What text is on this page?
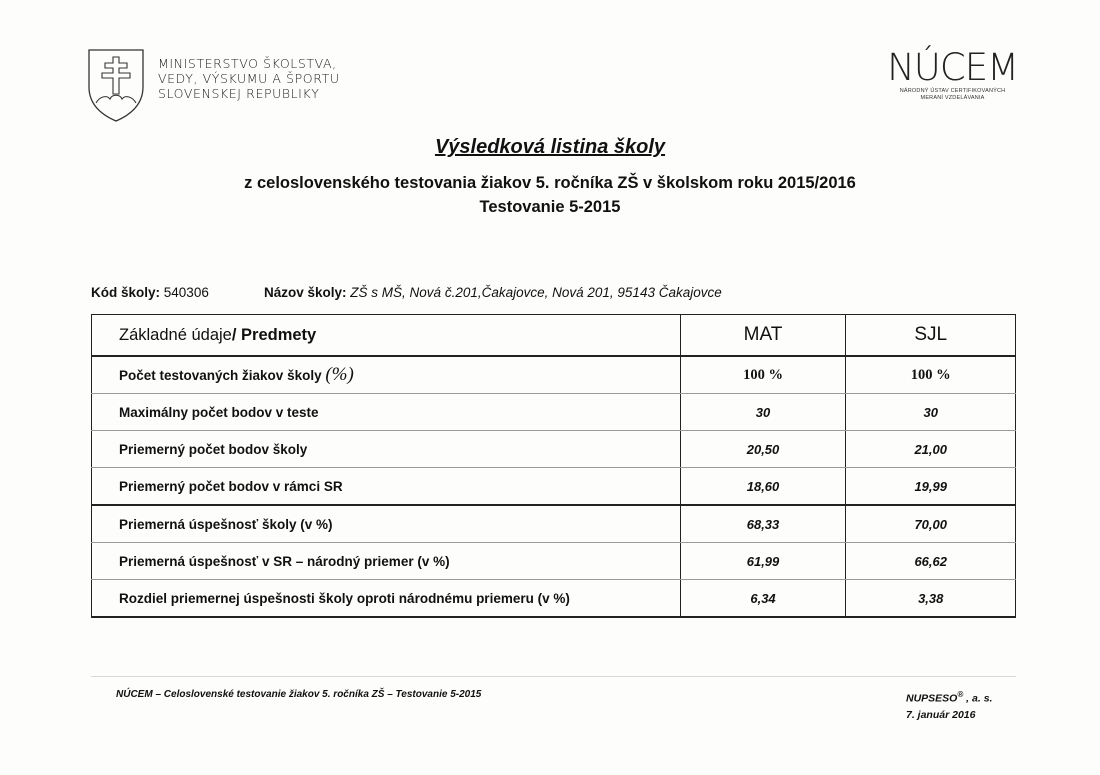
MINISTERSTVO ŠKOLSTVA,
VEDY, VÝSKUMU A ŠPORTU
SLOVENSKEJ REPUBLIKY
NÚCEM
NÁRODNÝ ÚSTAV CERTIFIKOVANÝCH
MERANÍ VZDELÁVANIA
Výsledková listina školy
z celoslovenského testovania žiakov 5. ročníka ZŠ v školskom roku 2015/2016
Testovanie 5-2015
Kód školy: 540306	Názov školy: ZŠ s MŠ, Nová č.201,Čakajovce, Nová 201, 95143 Čakajovce
Základné údaje/ Predmety	MAT	SJL
Počet testovaných žiakov školy (%)	100 %	100 %
Maximálny počet bodov v teste	30	30
Priemerný počet bodov školy	20,50	21,00
Priemerný počet bodov v rámci SR	18,60	19,99
Priemerná úspešnosť školy (v %)	68,33	70,00
Priemerná úspešnosť v SR – národný priemer (v %)	61,99	66,62
Rozdiel priemernej úspešnosti školy oproti národnému priemeru (v %)	6,34	3,38
NÚCEM – Celoslovenské testovanie žiakov 5. ročníka ZŠ – Testovanie 5-2015	NUPSESO® , a. s.
7. január 2016
